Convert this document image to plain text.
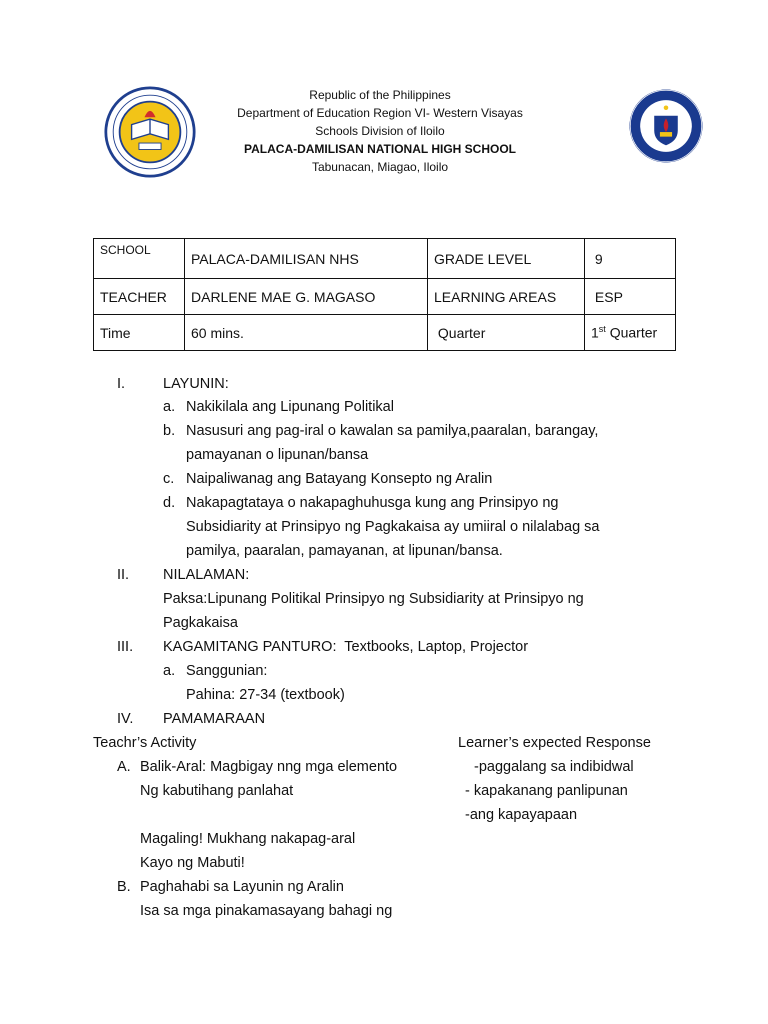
Republic of the Philippines
Department of Education Region VI- Western Visayas
Schools Division of Iloilo
PALACA-DAMILISAN NATIONAL HIGH SCHOOL
Tabunacan, Miagao, Iloilo
SCHOOL	PALACA-DAMILISAN NHS	GRADE LEVEL	9
TEACHER	DARLENE MAE G. MAGASO	LEARNING AREAS	ESP
Time	60 mins.	Quarter	1st Quarter
I.	LAYUNIN:
a. Nakikilala ang Lipunang Politikal
b. Nasusuri ang pag-iral o kawalan sa pamilya,paaralan, barangay,
pamayanan o lipunan/bansa
c. Naipaliwanag ang Batayang Konsepto ng Aralin
d. Nakapagtataya o nakapaghuhusga kung ang Prinsipyo ng
Subsidiarity at Prinsipyo ng Pagkakaisa ay umiiral o nilalabag sa
pamilya, paaralan, pamayanan, at lipunan/bansa.
II. NILALAMAN:
Paksa:Lipunang Politikal Prinsipyo ng Subsidiarity at Prinsipyo ng
Pagkakaisa
III. KAGAMITANG PANTURO:  Textbooks, Laptop, Projector
a. Sanggunian:
Pahina: 27-34 (textbook)
IV. PAMAMARAAN
Teachr’s Activity	Learner’s expected Response
A. Balik-Aral: Magbigay nng mga elemento	-paggalang sa indibidwal
Ng kabutihang panlahat	- kapakanang panlipunan
-ang kapayapaan
Magaling! Mukhang nakapag-aral
Kayo ng Mabuti!
B. Paghahabi sa Layunin ng Aralin
Isa sa mga pinakamasayang bahagi ng
